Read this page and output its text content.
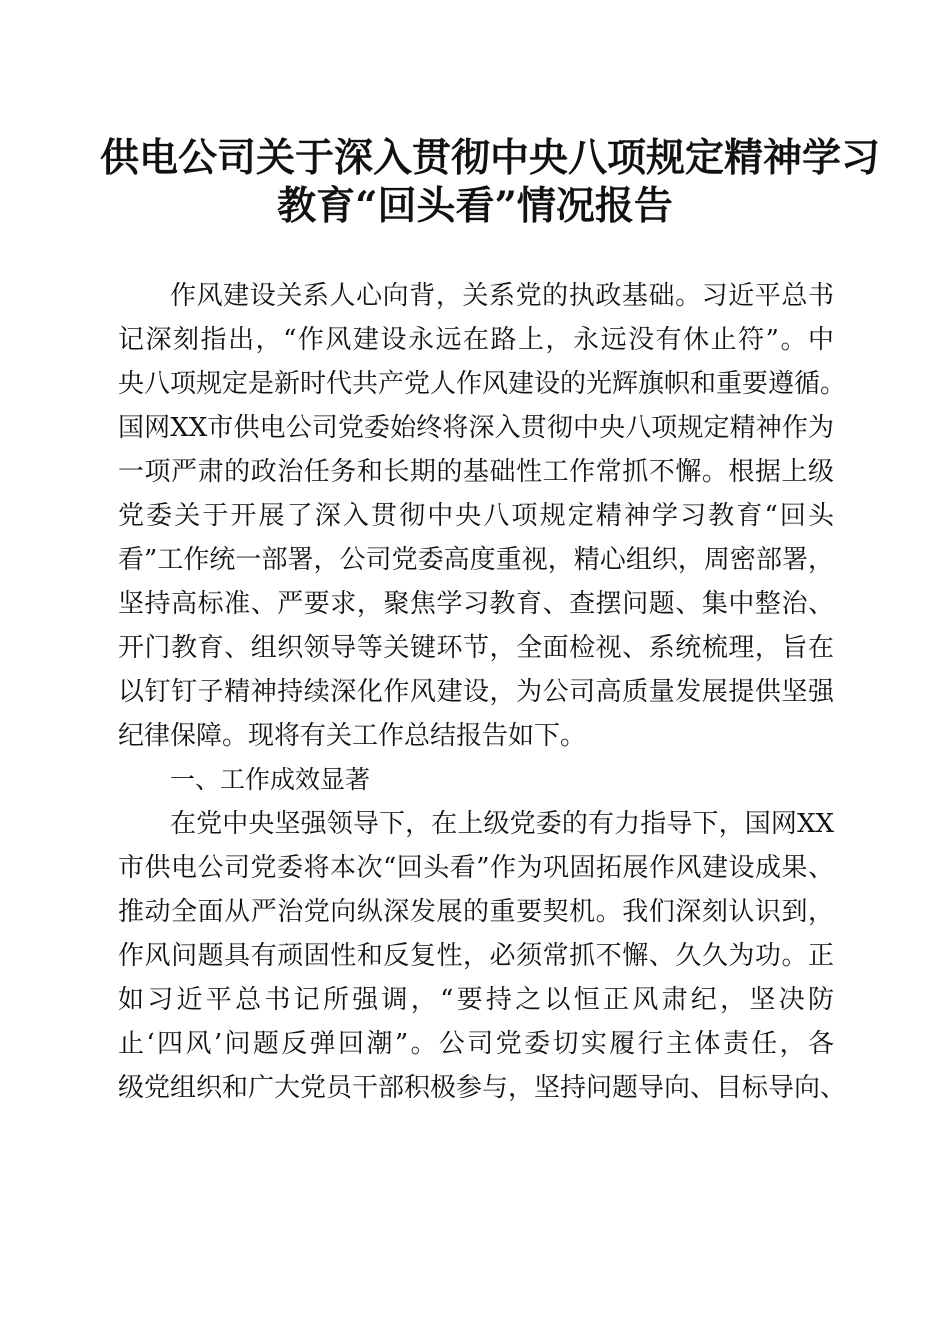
供电公司关于深入贯彻中央八项规定精神学习
教育“回头看”情况报告
作风建设关系人心向背，关系党的执政基础。习近平总书
记深刻指出，“作风建设永远在路上，永远没有休止符”。中
央八项规定是新时代共产党人作风建设的光辉旗帜和重要遵循。
国网XX市供电公司党委始终将深入贯彻中央八项规定精神作为
一项严肃的政治任务和长期的基础性工作常抓不懈。根据上级
党委关于开展了深入贯彻中央八项规定精神学习教育“回头
看”工作统一部署，公司党委高度重视，精心组织，周密部署，
坚持高标准、严要求，聚焦学习教育、查摆问题、集中整治、
开门教育、组织领导等关键环节，全面检视、系统梳理，旨在
以钉钉子精神持续深化作风建设，为公司高质量发展提供坚强
纪律保障。现将有关工作总结报告如下。
一、工作成效显著
在党中央坚强领导下，在上级党委的有力指导下，国网XX
市供电公司党委将本次“回头看”作为巩固拓展作风建设成果、
推动全面从严治党向纵深发展的重要契机。我们深刻认识到，
作风问题具有顽固性和反复性，必须常抓不懈、久久为功。正
如习近平总书记所强调，“要持之以恒正风肃纪，坚决防
止‘四风’问题反弹回潮”。公司党委切实履行主体责任，各
级党组织和广大党员干部积极参与，坚持问题导向、目标导向、
